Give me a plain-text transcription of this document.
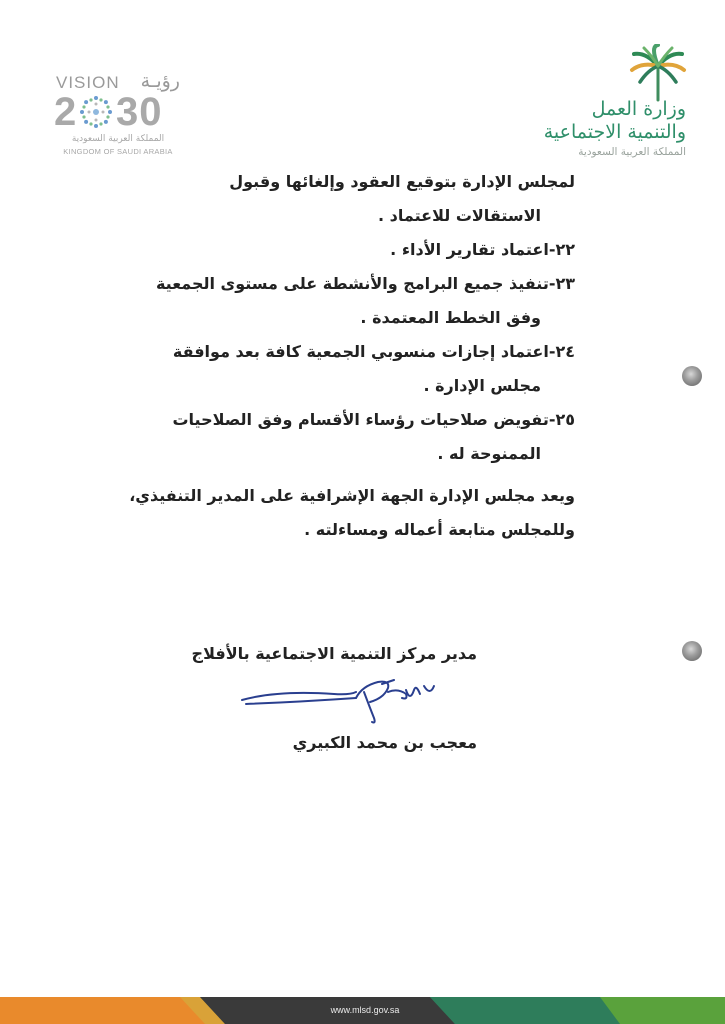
VISION رؤيـة
2 30
المملكة العربية السعودية
KINGDOM OF SAUDI ARABIA
وزارة العمل
والتنمية الاجتماعية
المملكة العربية السعودية
لمجلس الإدارة بتوقيع العقود وإلغائها وقبول
الاستقالات للاعتماد .
٢٢-اعتماد تقارير الأداء .
٢٣-تنفيذ جميع البرامج والأنشطة على مستوى الجمعية
وفق الخطط المعتمدة .
٢٤-اعتماد إجازات منسوبي الجمعية كافة بعد موافقة
مجلس الإدارة .
٢٥-تفويض صلاحيات رؤساء الأقسام وفق الصلاحيات
الممنوحة له .
ويعد مجلس الإدارة الجهة الإشرافية على المدير التنفيذي،
وللمجلس متابعة أعماله ومساءلته .
مدير مركز التنمية الاجتماعية بالأفلاج
معجب بن محمد الكبيري
www.mlsd.gov.sa
